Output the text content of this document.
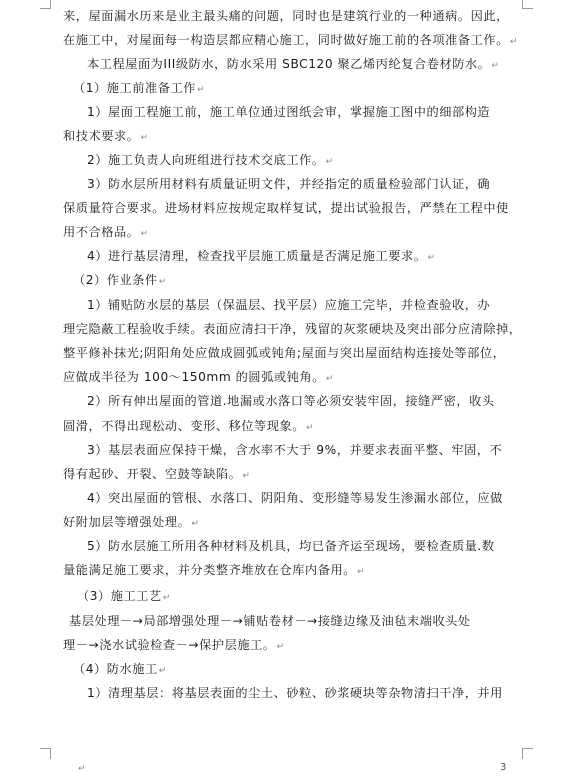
来，屋面漏水历来是业主最头痛的问题，同时也是建筑行业的一种通病。因此，
在施工中，对屋面每一构造层都应精心施工，同时做好施工前的各项准备工作。↵
本工程屋面为III级防水，防水采用 SBC120 聚乙烯丙纶复合卷材防水。↵
（1）施工前准备工作↵
1）屋面工程施工前，施工单位通过图纸会审，掌握施工图中的细部构造
和技术要求。↵
2）施工负责人向班组进行技术交底工作。↵
3）防水层所用材料有质量证明文件，并经指定的质量检验部门认证，确
保质量符合要求。进场材料应按规定取样复试，提出试验报告，严禁在工程中使
用不合格品。↵
4）进行基层清理，检查找平层施工质量是否满足施工要求。↵
（2）作业条件↵
1）铺贴防水层的基层（保温层、找平层）应施工完毕，并检查验收，办
理完隐蔽工程验收手续。表面应清扫干净，残留的灰浆硬块及突出部分应清除掉，
整平修补抹光;阴阳角处应做成圆弧或钝角;屋面与突出屋面结构连接处等部位，
应做成半径为 100～150mm 的圆弧或钝角。↵
2）所有伸出屋面的管道.地漏或水落口等必须安装牢固，接缝严密，收头
圆滑，不得出现松动、变形、移位等现象。↵
3）基层表面应保持干燥，含水率不大于 9%，并要求表面平整、牢固，不
得有起砂、开裂、空鼓等缺陷。↵
4）突出屋面的管根、水落口、阴阳角、变形缝等易发生渗漏水部位，应做
好附加层等增强处理。↵
5）防水层施工所用各种材料及机具，均已备齐运至现场，要检查质量.数
量能满足施工要求，并分类整齐堆放在仓库内备用。↵
（3）施工工艺↵
基层处理－→局部增强处理－→铺贴卷材－→接缝边缘及油毡末端收头处
理－→浇水试验检查－→保护层施工。↵
（4）防水施工↵
1）清理基层：将基层表面的尘土、砂粒、砂浆硬块等杂物清扫干净，并用
↵	3
